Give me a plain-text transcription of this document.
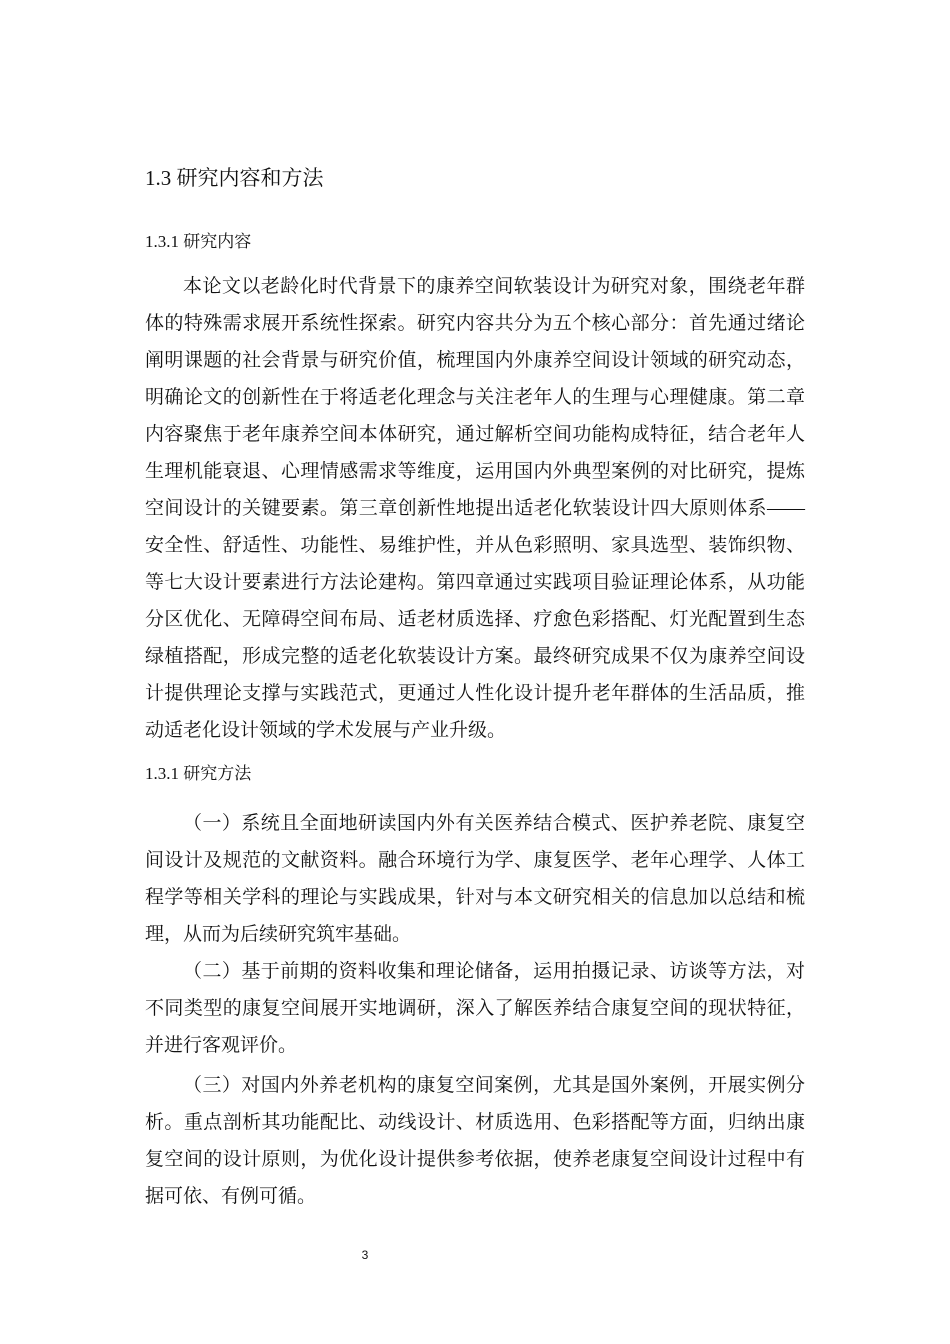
1.3 研究内容和方法
1.3.1 研究内容
本论文以老龄化时代背景下的康养空间软装设计为研究对象，围绕老年群
体的特殊需求展开系统性探索。研究内容共分为五个核心部分：首先通过绪论
阐明课题的社会背景与研究价值，梳理国内外康养空间设计领域的研究动态，
明确论文的创新性在于将适老化理念与关注老年人的生理与心理健康。第二章
内容聚焦于老年康养空间本体研究，通过解析空间功能构成特征，结合老年人
生理机能衰退、心理情感需求等维度，运用国内外典型案例的对比研究，提炼
空间设计的关键要素。第三章创新性地提出适老化软装设计四大原则体系——
安全性、舒适性、功能性、易维护性，并从色彩照明、家具选型、装饰织物、
等七大设计要素进行方法论建构。第四章通过实践项目验证理论体系，从功能
分区优化、无障碍空间布局、适老材质选择、疗愈色彩搭配、灯光配置到生态
绿植搭配，形成完整的适老化软装设计方案。最终研究成果不仅为康养空间设
计提供理论支撑与实践范式，更通过人性化设计提升老年群体的生活品质，推
动适老化设计领域的学术发展与产业升级。
1.3.1 研究方法
（一）系统且全面地研读国内外有关医养结合模式、医护养老院、康复空
间设计及规范的文献资料。融合环境行为学、康复医学、老年心理学、人体工
程学等相关学科的理论与实践成果，针对与本文研究相关的信息加以总结和梳
理，从而为后续研究筑牢基础。
（二）基于前期的资料收集和理论储备，运用拍摄记录、访谈等方法，对
不同类型的康复空间展开实地调研，深入了解医养结合康复空间的现状特征，
并进行客观评价。
（三）对国内外养老机构的康复空间案例，尤其是国外案例，开展实例分
析。重点剖析其功能配比、动线设计、材质选用、色彩搭配等方面，归纳出康
复空间的设计原则，为优化设计提供参考依据，使养老康复空间设计过程中有
据可依、有例可循。
3
